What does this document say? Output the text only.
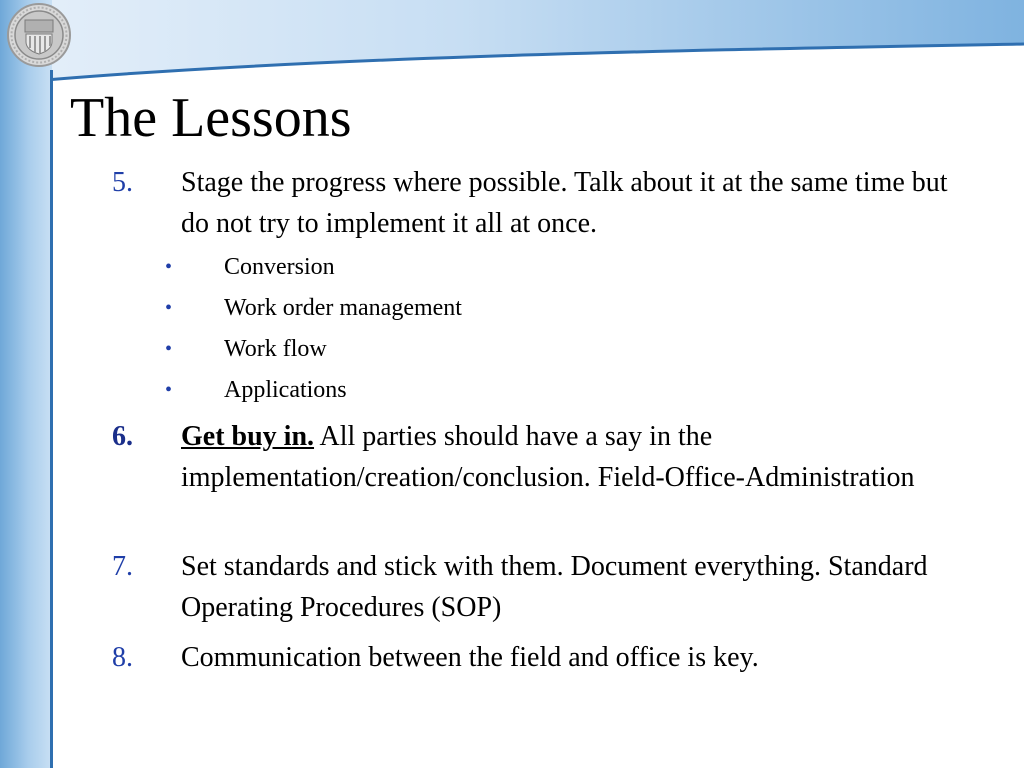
The Lessons
5.	Stage the progress where possible. Talk about it at the same time but do not try to implement it all at once.
• Conversion
• Work order management
• Work flow
• Applications
6.	Get buy in. All parties should have a say in the implementation/creation/conclusion. Field-Office-Administration
7.	Set standards and stick with them. Document everything. Standard Operating Procedures (SOP)
8.	Communication between the field and office is key.
